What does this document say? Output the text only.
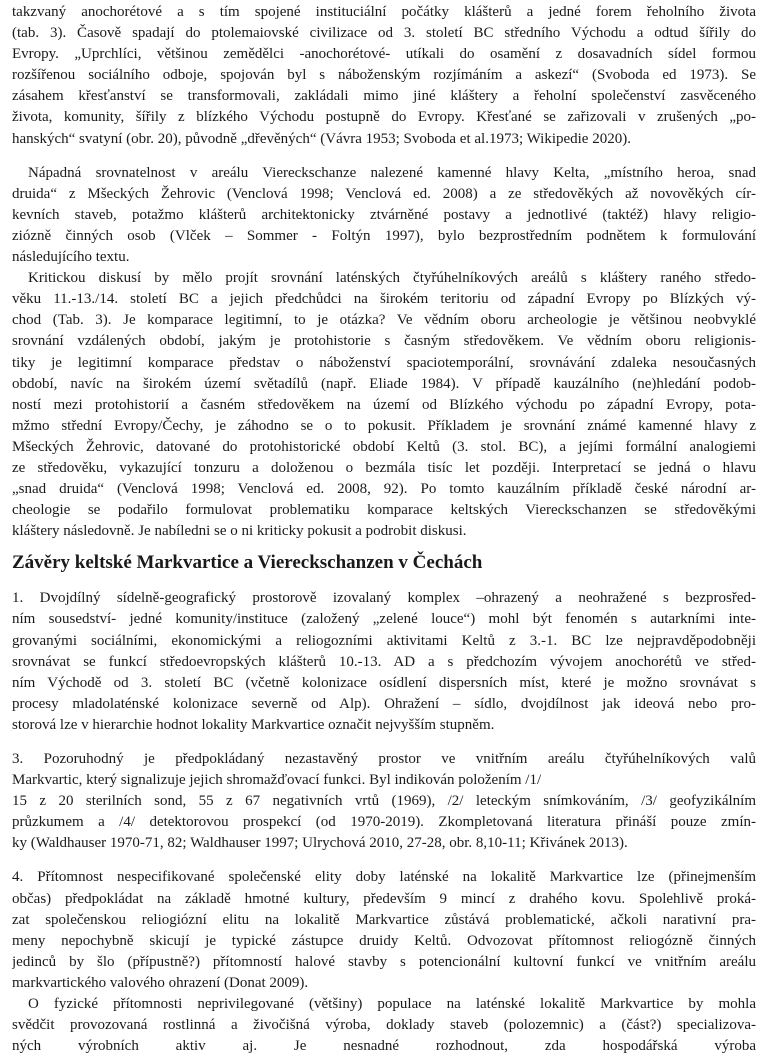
takzvaný anochorétové a s tím spojené instituciální počátky klášterů a jedné forem řeholního života
(tab. 3). Časově spadají do ptolemaiovské civilizace od 3. století BC středního Východu a odtud šířily do
Evropy. „Uprchlíci, většinou zemědělci -anochorétové- utíkali do osamění z dosavadních sídel formou
rozšířenou sociálního odboje, spojován byl s náboženským rozjímáním a askezí“ (Svoboda ed 1973). Se
zásahem křesťanství se transformovali, zakládali mimo jiné kláštery a řeholní společenství zasvěceného
života, komunity, šířily z blízkého Východu postupně do Evropy. Křesťané se zařizovali v zrušených „po-
hanských“ svatyní (obr. 20), původně „dřevěných“ (Vávra 1953; Svoboda et al.1973; Wikipedie 2020).
Nápadná srovnatelnost v areálu Viereckschanze nalezené kamenné hlavy Kelta, „místního heroa, snad
druida“ z Mšeckých Žehrovic (Venclová 1998; Venclová ed. 2008) a ze středověkých až novověkých cír-
kevních staveb, potažmo klášterů architektonicky ztvárněné postavy a jednotlivé (taktéž) hlavy religio-
ziózně činných osob (Vlček – Sommer - Foltýn 1997), bylo bezprostředním podnětem k formulování
následujícího textu.
Kritickou diskusí by mělo projít srovnání laténských čtyřúhelníkových areálů s kláštery raného středo-
věku 11.-13./14. století BC a jejich předchůdci na širokém teritoriu od západní Evropy po Blízkých vý-
chod (Tab. 3). Je komparace legitimní, to je otázka? Ve vědním oboru archeologie je většinou neobvyklé
srovnání vzdálených období, jakým je protohistorie s časným středověkem. Ve vědním oboru religionis-
tiky je legitimní komparace představ o náboženství spaciotemporální, srovnávání zdaleka nesoučasných
období, navíc na širokém území světadílů (např. Eliade 1984). V případě kauzálního (ne)hledání podob-
ností mezi protohistorií a časném středověkem na území od Blízkého východu po západní Evropy, pota-
mžmo střední Evropy/Čechy, je záhodno se o to pokusit. Příkladem je srovnání známé kamenné hlavy z
Mšeckých Žehrovic, datované do protohistorické období Keltů (3. stol. BC), a jejími formální analogiemi
ze středověku, vykazující tonzuru a doloženou o bezmála tisíc let později. Interpretací se jedná o hlavu
„snad druida“ (Venclová 1998; Venclová ed. 2008, 92). Po tomto kauzálním příkladě české národní ar-
cheologie se podařilo formulovat problematiku komparace keltských Viereckschanzen se středověkými
kláštery následovně. Je nabíledni se o ni kriticky pokusit a podrobit diskusi.
Závěry keltské Markvartice a Viereckschanzen v Čechách
1. Dvojdílný sídelně-geografický prostorově izovalaný komplex –ohrazený a neohražené s bezprosřed-
ním sousedství- jedné komunity/instituce (založený „zelené louce“) mohl být fenomén s autarkními inte-
grovanými sociálními, ekonomickými a reliogozními aktivitami Keltů z 3.-1. BC lze nejpravděpodobněji
srovnávat se funkcí středoevropských klášterů 10.-13. AD a s předchozím vývojem anochorétů ve střed-
ním Východě od 3. století BC (včetně kolonizace osídlení dispersních míst, které je možno srovnávat s
procesy mladolaténské kolonizace severně od Alp). Ohražení – sídlo, dvojdílnost jak ideová nebo pro-
storová lze v hierarchie hodnot lokality Markvartice označit nejvyšším stupněm.
3. Pozoruhodný je předpokládaný nezastavěný prostor ve vnitřním areálu čtyřúhelníkových valů
Markvartic, který signalizuje jejich shromažďovací funkci. Byl indikován položením /1/
15 z 20 sterilních sond, 55 z 67 negativních vrtů (1969), /2/ leteckým snímkováním, /3/ geofyzikálním
průzkumem a /4/ detektorovou prospekcí (od 1970-2019). Zkompletovaná literatura přináší pouze zmín-
ky (Waldhauser 1970-71, 82; Waldhauser 1997; Ulrychová 2010, 27-28, obr. 8,10-11; Křivánek 2013).
4. Přítomnost nespecifikované společenské elity doby laténské na lokalitě Markvartice lze (přinejmenším
občas) předpokládat na základě hmotné kultury, především 9 mincí z drahého kovu. Spolehlivě proká-
zat společenskou reliogiózní elitu na lokalitě Markvartice zůstává problematické, ačkoli narativní pra-
meny nepochybně skicují je typické zástupce druidy Keltů. Odvozovat přítomnost reliogózně činných
jedinců by šlo (přípustně?) přítomností halové stavby s potencionální kultovní funkcí ve vnitřním areálu
markvartického valového ohrazení (Donat 2009).
O fyzické přítomnosti neprivilegované (většiny) populace na laténské lokalitě Markvartice by mohla
svědčit provozovaná rostlinná a živočišná výroba, doklady staveb (polozemnic) a (část?) specializova-
ných výrobních aktiv aj. Je nesnadné rozhodnout, zda hospodářská výroba
